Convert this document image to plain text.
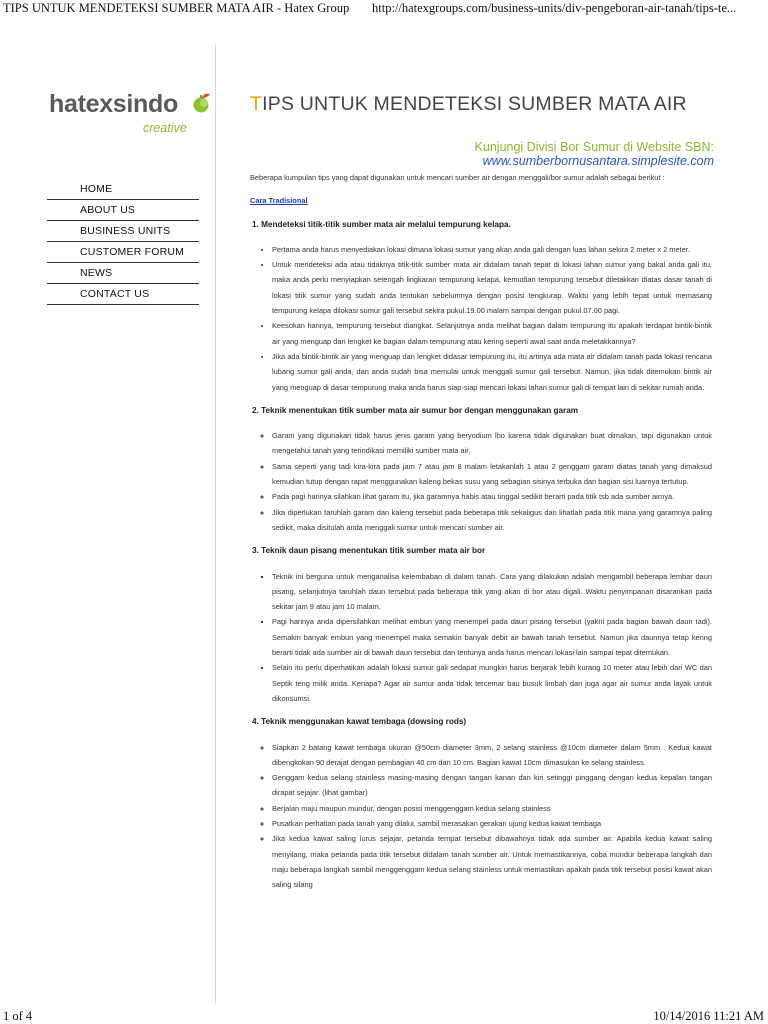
TIPS UNTUK MENDETEKSI SUMBER MATA AIR - Hatex Group http://hatexgroups.com/business-units/div-pengeboran-air-tanah/tips-te...
hatexsindo
creative
HOME
ABOUT US
BUSINESS UNITS
CUSTOMER FORUM
NEWS
CONTACT US
TIPS UNTUK MENDETEKSI SUMBER MATA AIR
Kunjungi Divisi Bor Sumur di Website SBN:
www.sumberbornusantara.simplesite.com

Beberapa kumpulan tips yang dapat digunakan untuk mencari sumber air dengan menggali/bor sumur adalah sebagai berikut :

Cara Tradisional
1. Mendeteksi titik-titik sumber mata air melalui tempurung kelapa.
• Pertama anda harus menyediakan lokasi dimana lokasi sumur yang akan anda gali dengan luas lahan sekira 2 meter x 2 meter.
• Untuk mendeteksi ada atau tidaknya titik-titik sumber mata air didalam tanah tepat di lokasi lahan sumur yang bakal anda gali itu, maka anda perlu menyiapkan setengah lingkaran tempurung kelapa, kemudian tempurung tersebut diletakkan diatas dasar tanah di lokasi titik sumur yang sudah anda tentukan sebelumnya dengan posisi tengkurap. Waktu yang lebih tepat untuk memasang tempurung kelapa dilokasi sumur gali tersebut sekira pukul.19.00 malam sampai dengan pukul.07.00 pagi.
• Keesokan harinya, tempurung tersebut diangkat. Selanjutnya anda melihat bagian dalam tempurung itu apakah terdapat bintik-bintik air yang menguap dan lengket ke bagian dalam tempurung atau kering seperti awal saat anda meletakkannya?
• Jika ada bintik-bintik air yang menguap dan lengket didasar tempurung itu, itu artinya ada mata air didalam tanah pada lokasi rencana lubang sumur gali anda, dan anda sudah bisa memulai untuk menggali sumur gali tersebut. Namun, jika tidak ditemukan bintik air yang menguap di dasar tempurung maka anda harus siap-siap mencari lokasi lahan sumur gali di tempat lain di sekitar rumah anda.
2. Teknik menentukan titik sumber mata air sumur bor dengan menggunakan garam
◦ Garam yang digunakan tidak harus jenis garam yang beryodium lho karena tidak digunakan buat dimakan, tapi digunakan untuk mengetahui tanah yang terindikasi memiliki sumber mata air.
◦ Sama seperti yang tadi kira-kira pada jam 7 atau jam 8 malam letakanlah 1 atau 2 genggam garam diatas tanah yang dimaksud kemudian tutup dengan rapat menggunakan kaleng bekas susu yang sebagian sisinya terbuka dan bagian sisi luarnya tertutup.
◦ Pada pagi harinya silahkan lihat garam itu, jika garamnya habis atau tinggal sedikit berarti pada titik tsb ada sumber airnya.
◦ Jika diperlukan taruhlah garam dan kaleng tersebut pada beberapa titik sekaligus dan lihatlah pada titik mana yang garamnya paling sedikit, maka disitulah anda menggali sumur untuk mencari sumber air.
3. Teknik daun pisang menentukan titik sumber mata air bor
▪ Teknik ini berguna untuk menganalisa kelembaban di dalam tanah. Cara yang dilakukan adalah mengambil beberapa lembar daun pisang, selanjutnya taruhlah daun tersebut pada beberapa titik yang akan di bor atau digali. Waktu penyimpanan disarankan pada sekitar jam 9 atau jam 10 malam.
▪ Pagi harinya anda dipersilahkan melihat embun yang menempel pada daun pisang tersebut (yakni pada bagian bawah daun tadi). Semakin banyak embun yang menempel maka semakin banyak debit air bawah tanah tersebut. Namun jika daunnya tetap kering berarti tidak ada sumber air di bawah daun tersebut dan tentunya anda harus mencari lokasi lain sampai tepat ditemukan.
▪ Selain itu perlu diperhatikan adalah lokasi sumur gali sedapat mungkin harus berjarak lebih kurang 10 meter atau lebih dari WC dan Septik teng milik anda. Kenapa? Agar air sumur anda tidak tercemar bau busuk limbah dan juga agar air sumur anda layak untuk dikonsumsi.
4. Teknik menggunakan kawat tembaga (dowsing rods)
◦ Siapkan 2 batang kawat tembaga ukuran @50cm diameter 3mm, 2 selang stainless @10cm diameter dalam 5mm . Kedua kawat dibengkokan 90 derajat dengan pembagian 40 cm dan 10 cm. Bagian kawat 10cm dimasukan ke selang stainless.
◦ Genggam kedua selang stainless masing-masing dengan tangan kanan dan kiri setinggi pinggang dengan kedua kepalan tangan dirapat sejajar. (lihat gambar)
◦ Berjalan maju maupun mundur, dengan posisi menggenggam kedua selang stainless
◦ Pusatkan perhatian pada tanah yang dilalui, sambil merasakan gerakan ujung kedua kawat tembaga
◦ Jika kedua kawat saling lurus sejajar, petanda tempat tersebut dibawahnya tidak ada sumber air. Apabila kedua kawat saling menyilang, maka petanda pada titik tersebut didalam tanah sumber air. Untuk memastikannya, coba mundur beberapa langkah dan maju beberapa langkah sambil menggenggam kedua selang stainless untuk memastikan apakah pada titik tersebut posisi kawat akan saling silang
1 of 4	10/14/2016 11:21 AM
